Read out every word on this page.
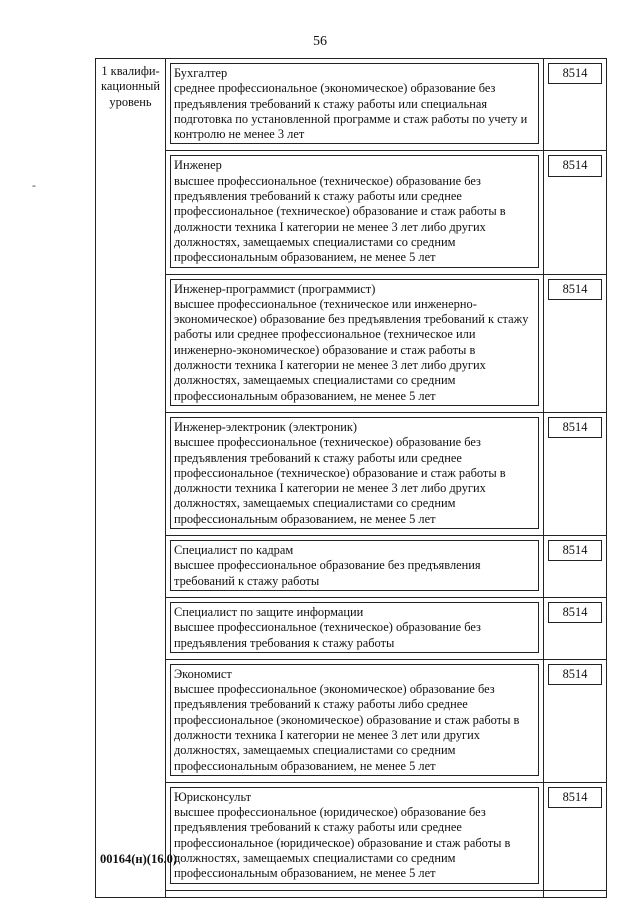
56
-
1 квалифи-кационный уровень	Бухгалтер
среднее профессиональное (экономическое) образование без предъявления требований к стажу работы или специальная подготовка по установленной программе и стаж работы по учету и контролю не менее 3 лет	8514

	Инженер
высшее профессиональное (техническое) образование без предъявления требований к стажу работы или среднее профессиональное (техническое) образование и стаж работы в должности техника I категории не менее 3 лет либо других должностях, замещаемых специалистами со средним профессиональным образованием, не менее 5 лет	8514

	Инженер-программист (программист)
высшее профессиональное (техническое или инженерно-экономическое) образование без предъявления требований к стажу работы или среднее профессиональное (техническое или инженерно-экономическое) образование и стаж работы в должности техника I категории не менее 3 лет либо других должностях, замещаемых специалистами со средним профессиональным образованием, не менее 5 лет	8514

	Инженер-электроник (электроник)
высшее профессиональное (техническое) образование без предъявления требований к стажу работы или среднее профессиональное (техническое) образование и стаж работы в должности техника I категории не менее 3 лет либо других должностях, замещаемых специалистами со средним профессиональным образованием, не менее 5 лет	8514

	Специалист по кадрам
высшее профессиональное образование без предъявления требований к стажу работы	8514

	Специалист по защите информации
высшее профессиональное (техническое) образование без предъявления требования к стажу работы	8514

	Экономист
высшее профессиональное (экономическое) образование без предъявления требований к стажу работы либо среднее профессиональное (экономическое) образование и стаж работы в должности техника I категории не менее 3 лет или других должностях, замещаемых специалистами со средним профессиональным образованием, не менее 5 лет	8514

	Юрисконсульт
высшее профессиональное (юридическое) образование без предъявления требований к стажу работы или среднее профессиональное (юридическое) образование и стаж работы в должностях, замещаемых специалистами со средним профессиональным образованием, не менее 5 лет	8514

00164(н)(16.0)
